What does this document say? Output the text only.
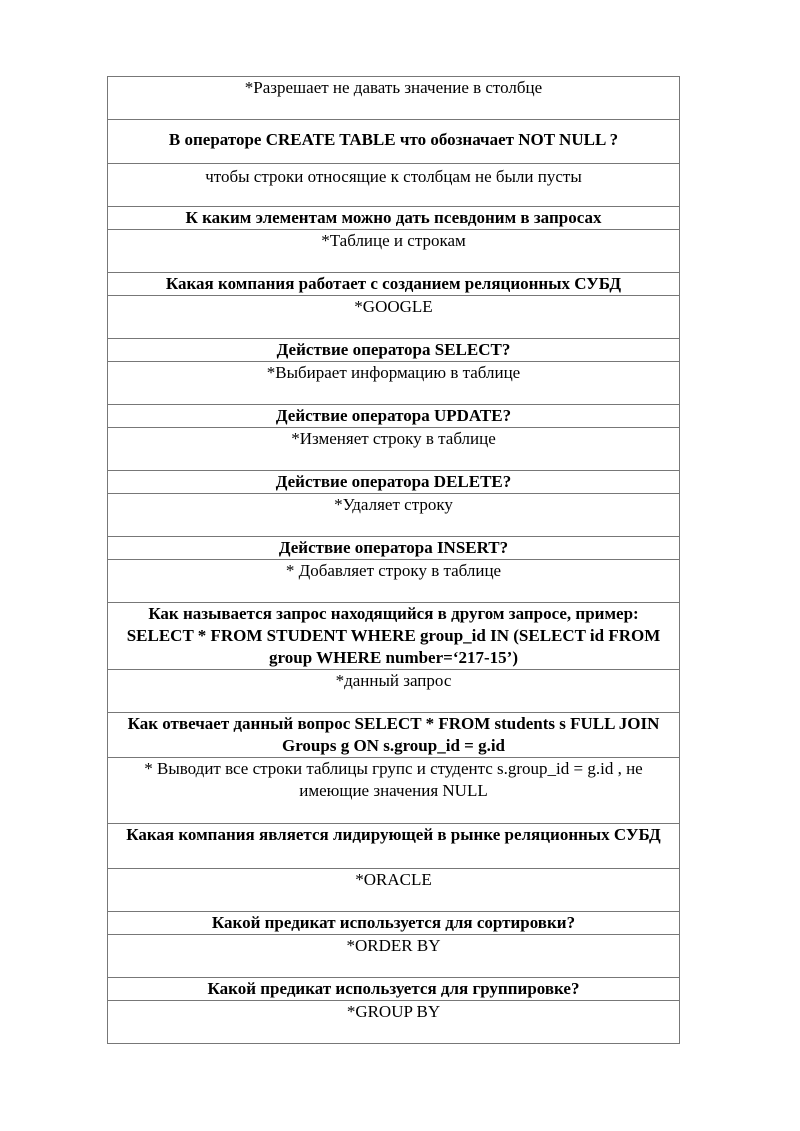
*Разрешает не давать значение в столбце
В операторе CREATE TABLE что обозначает NOT NULL ?
чтобы строки относящие к столбцам не были пусты
К каким элементам можно дать псевдоним в запросах
*Таблице и строкам
Какая компания работает с созданием реляционных СУБД
*GOOGLE
Действие оператора SELECT?
*Выбирает информацию в таблице
Действие оператора UPDATE?
*Изменяет строку в таблице
Действие оператора DELETE?
*Удаляет строку
Действие оператора INSERT?
* Добавляет строку в таблице
Как называется запрос находящийся в другом запросе, пример: SELECT * FROM STUDENT WHERE group_id IN (SELECT id FROM group WHERE number=‘217-15’)
*данный запрос
Как отвечает данный вопрос SELECT * FROM students s FULL JOIN Groups g ON s.group_id = g.id
* Выводит все строки таблицы групс и студентс s.group_id = g.id , не имеющие значения NULL
Какая компания является лидирующей в рынке реляционных СУБД
*ORACLE
Какой предикат используется для сортировки?
*ORDER BY
Какой предикат используется для группировке?
*GROUP BY
